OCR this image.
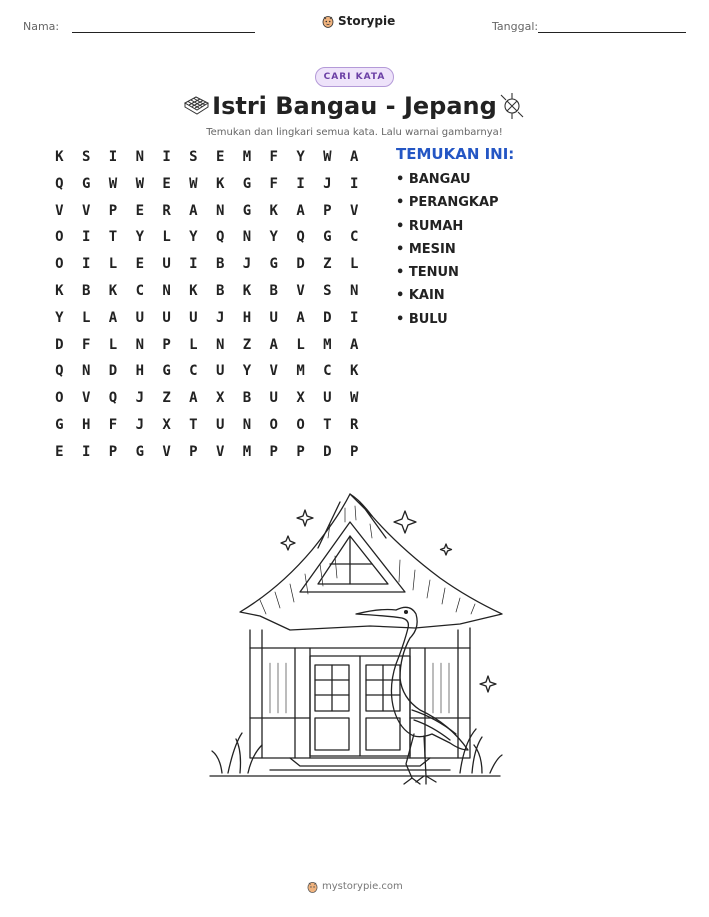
Nama:	Storypie	Tanggal:
CARI KATA
Istri Bangau - Jepang
Temukan dan lingkari semua kata. Lalu warnai gambarnya!
K	S	I	N	I	S	E	M	F	Y	W	A
Q	G	W	W	E	W	K	G	F	I	J	I
V	V	P	E	R	A	N	G	K	A	P	V
O	I	T	Y	L	Y	Q	N	Y	Q	G	C
O	I	L	E	U	I	B	J	G	D	Z	L
K	B	K	C	N	K	B	K	B	V	S	N
Y	L	A	U	U	U	J	H	U	A	D	I
D	F	L	N	P	L	N	Z	A	L	M	A
Q	N	D	H	G	C	U	Y	V	M	C	K
O	V	Q	J	Z	A	X	B	U	X	U	W
G	H	F	J	X	T	U	N	O	O	T	R
E	I	P	G	V	P	V	M	P	P	D	P
TEMUKAN INI:
• BANGAU
• PERANGKAP
• RUMAH
• MESIN
• TENUN
• KAIN
• BULU
mystorypie.com
